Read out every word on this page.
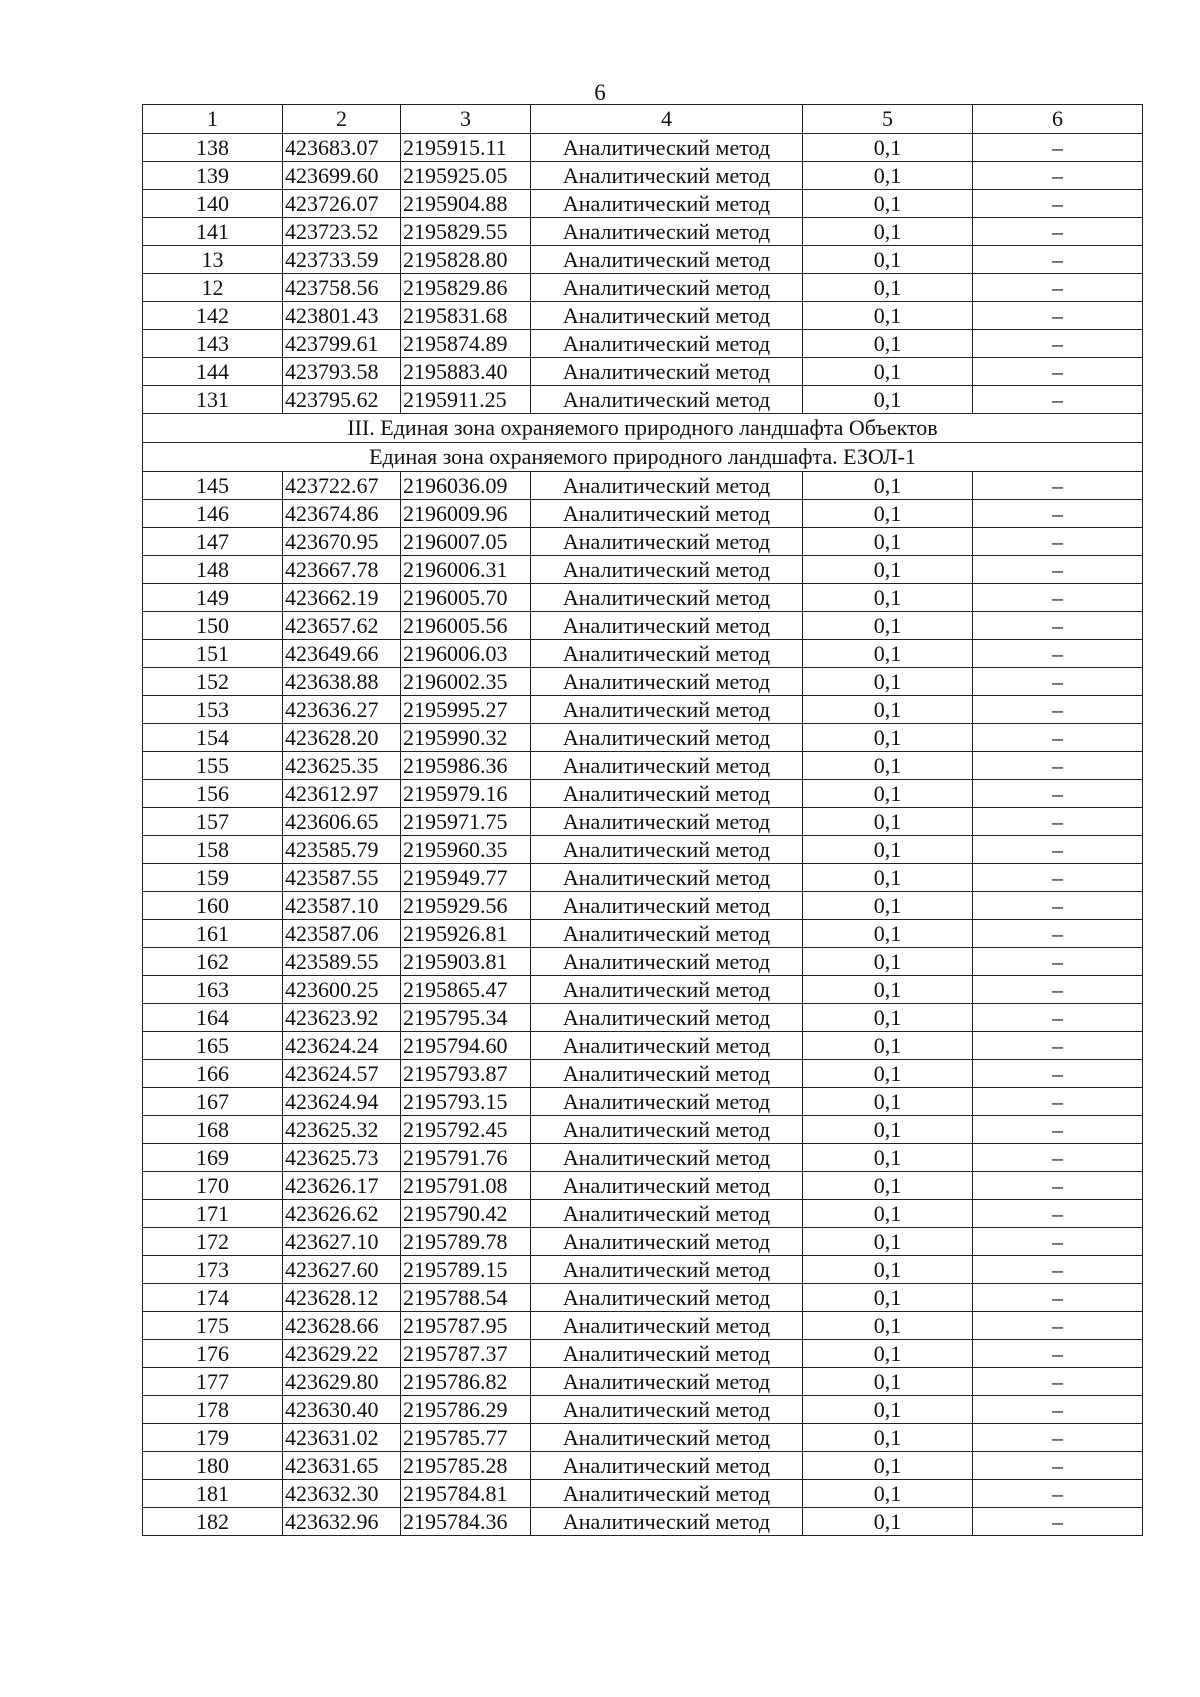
6
1	2	3	4	5	6
138	423683.07	2195915.11	Аналитический метод	0,1	–
139	423699.60	2195925.05	Аналитический метод	0,1	–
140	423726.07	2195904.88	Аналитический метод	0,1	–
141	423723.52	2195829.55	Аналитический метод	0,1	–
13	423733.59	2195828.80	Аналитический метод	0,1	–
12	423758.56	2195829.86	Аналитический метод	0,1	–
142	423801.43	2195831.68	Аналитический метод	0,1	–
143	423799.61	2195874.89	Аналитический метод	0,1	–
144	423793.58	2195883.40	Аналитический метод	0,1	–
131	423795.62	2195911.25	Аналитический метод	0,1	–
III. Единая зона охраняемого природного ландшафта Объектов					
Единая зона охраняемого природного ландшафта. ЕЗОЛ-1					
145	423722.67	2196036.09	Аналитический метод	0,1	–
146	423674.86	2196009.96	Аналитический метод	0,1	–
147	423670.95	2196007.05	Аналитический метод	0,1	–
148	423667.78	2196006.31	Аналитический метод	0,1	–
149	423662.19	2196005.70	Аналитический метод	0,1	–
150	423657.62	2196005.56	Аналитический метод	0,1	–
151	423649.66	2196006.03	Аналитический метод	0,1	–
152	423638.88	2196002.35	Аналитический метод	0,1	–
153	423636.27	2195995.27	Аналитический метод	0,1	–
154	423628.20	2195990.32	Аналитический метод	0,1	–
155	423625.35	2195986.36	Аналитический метод	0,1	–
156	423612.97	2195979.16	Аналитический метод	0,1	–
157	423606.65	2195971.75	Аналитический метод	0,1	–
158	423585.79	2195960.35	Аналитический метод	0,1	–
159	423587.55	2195949.77	Аналитический метод	0,1	–
160	423587.10	2195929.56	Аналитический метод	0,1	–
161	423587.06	2195926.81	Аналитический метод	0,1	–
162	423589.55	2195903.81	Аналитический метод	0,1	–
163	423600.25	2195865.47	Аналитический метод	0,1	–
164	423623.92	2195795.34	Аналитический метод	0,1	–
165	423624.24	2195794.60	Аналитический метод	0,1	–
166	423624.57	2195793.87	Аналитический метод	0,1	–
167	423624.94	2195793.15	Аналитический метод	0,1	–
168	423625.32	2195792.45	Аналитический метод	0,1	–
169	423625.73	2195791.76	Аналитический метод	0,1	–
170	423626.17	2195791.08	Аналитический метод	0,1	–
171	423626.62	2195790.42	Аналитический метод	0,1	–
172	423627.10	2195789.78	Аналитический метод	0,1	–
173	423627.60	2195789.15	Аналитический метод	0,1	–
174	423628.12	2195788.54	Аналитический метод	0,1	–
175	423628.66	2195787.95	Аналитический метод	0,1	–
176	423629.22	2195787.37	Аналитический метод	0,1	–
177	423629.80	2195786.82	Аналитический метод	0,1	–
178	423630.40	2195786.29	Аналитический метод	0,1	–
179	423631.02	2195785.77	Аналитический метод	0,1	–
180	423631.65	2195785.28	Аналитический метод	0,1	–
181	423632.30	2195784.81	Аналитический метод	0,1	–
182	423632.96	2195784.36	Аналитический метод	0,1	–
